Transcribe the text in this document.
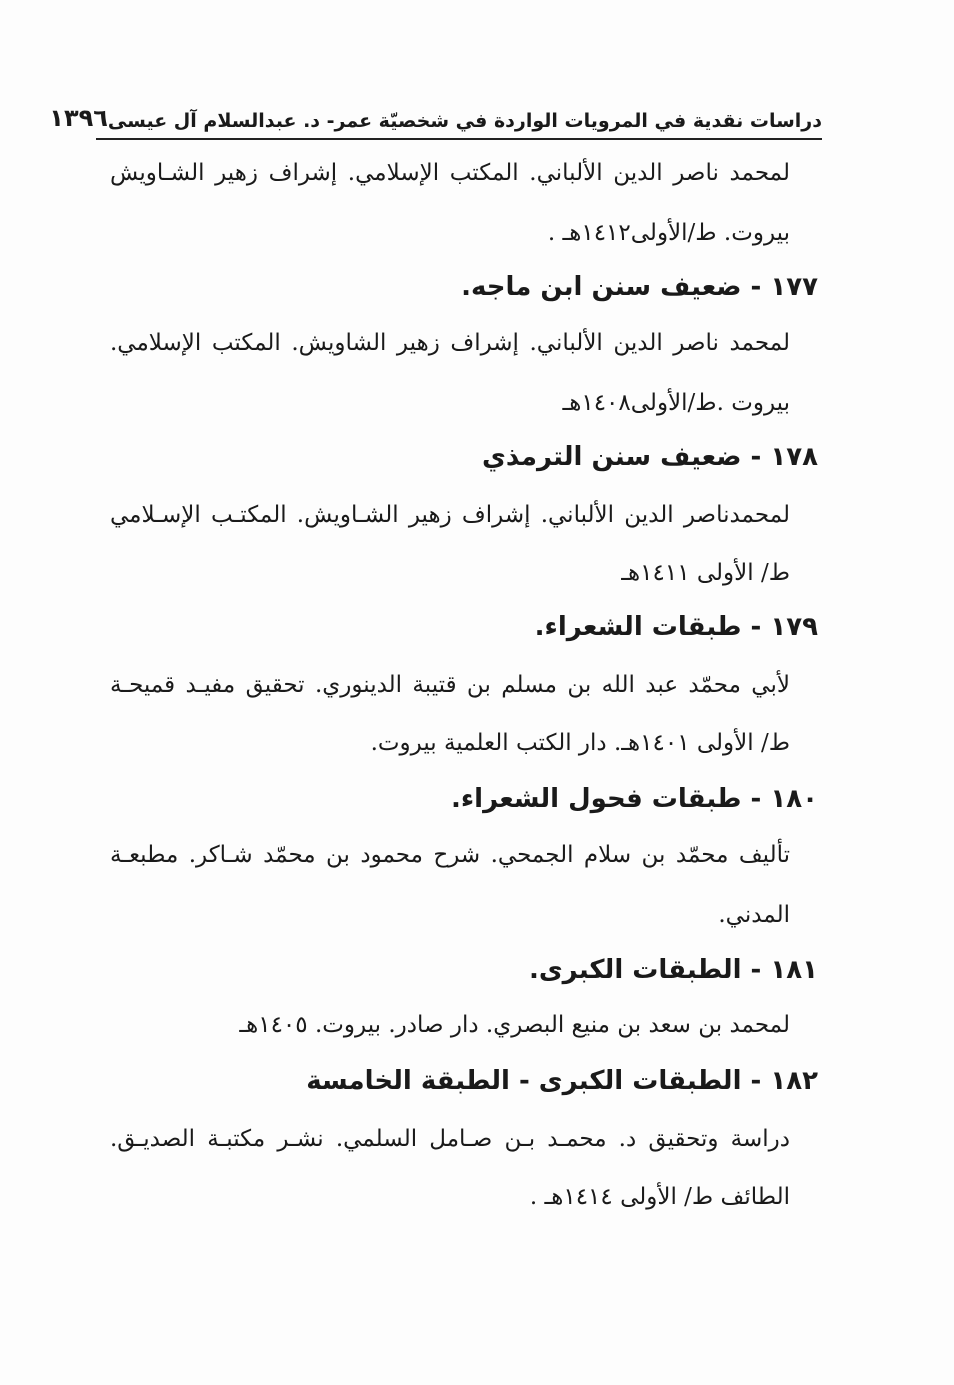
دراسات نقدية في المرويات الواردة في شخصيّة عمر- د. عبدالسلام آل عيسى
١٣٩٦
لمحمد ناصر الدين الألباني. المكتب الإسلامي. إشراف زهير الشـاويش
بيروت. ط/الأولى١٤١٢هـ .
١٧٧ - ضعيف سنن ابن ماجه.
لمحمد ناصر الدين الألباني. إشراف زهير الشاويش. المكتب الإسلامي.
بيروت .ط/الأولى١٤٠٨هـ
١٧٨ - ضعيف سنن الترمذي
لمحمدناصر الدين الألباني. إشراف زهير الشـاويش. المكتـب الإسـلامي
ط/ الأولى ١٤١١هـ
١٧٩ - طبقات الشعراء.
لأبي محمّد عبد الله بن مسلم بن قتيبة الدينوري. تحقيق مفيـد قميحـة
ط/ الأولى ١٤٠١هـ. دار الكتب العلمية بيروت.
١٨٠ - طبقات فحول الشعراء.
تأليف محمّد بن سلام الجمحي. شرح محمود بن محمّد شـاكر. مطبعـة
المدني.
١٨١ - الطبقات الكبرى.
لمحمد بن سعد بن منيع البصري. دار صادر. بيروت. ١٤٠٥هـ
١٨٢ - الطبقات الكبرى - الطبقة الخامسة
دراسة وتحقيق د. محمـد بـن صـامل السلمي. نشـر مكتبـة الصديـق.
الطائف ط/ الأولى ١٤١٤هـ .
